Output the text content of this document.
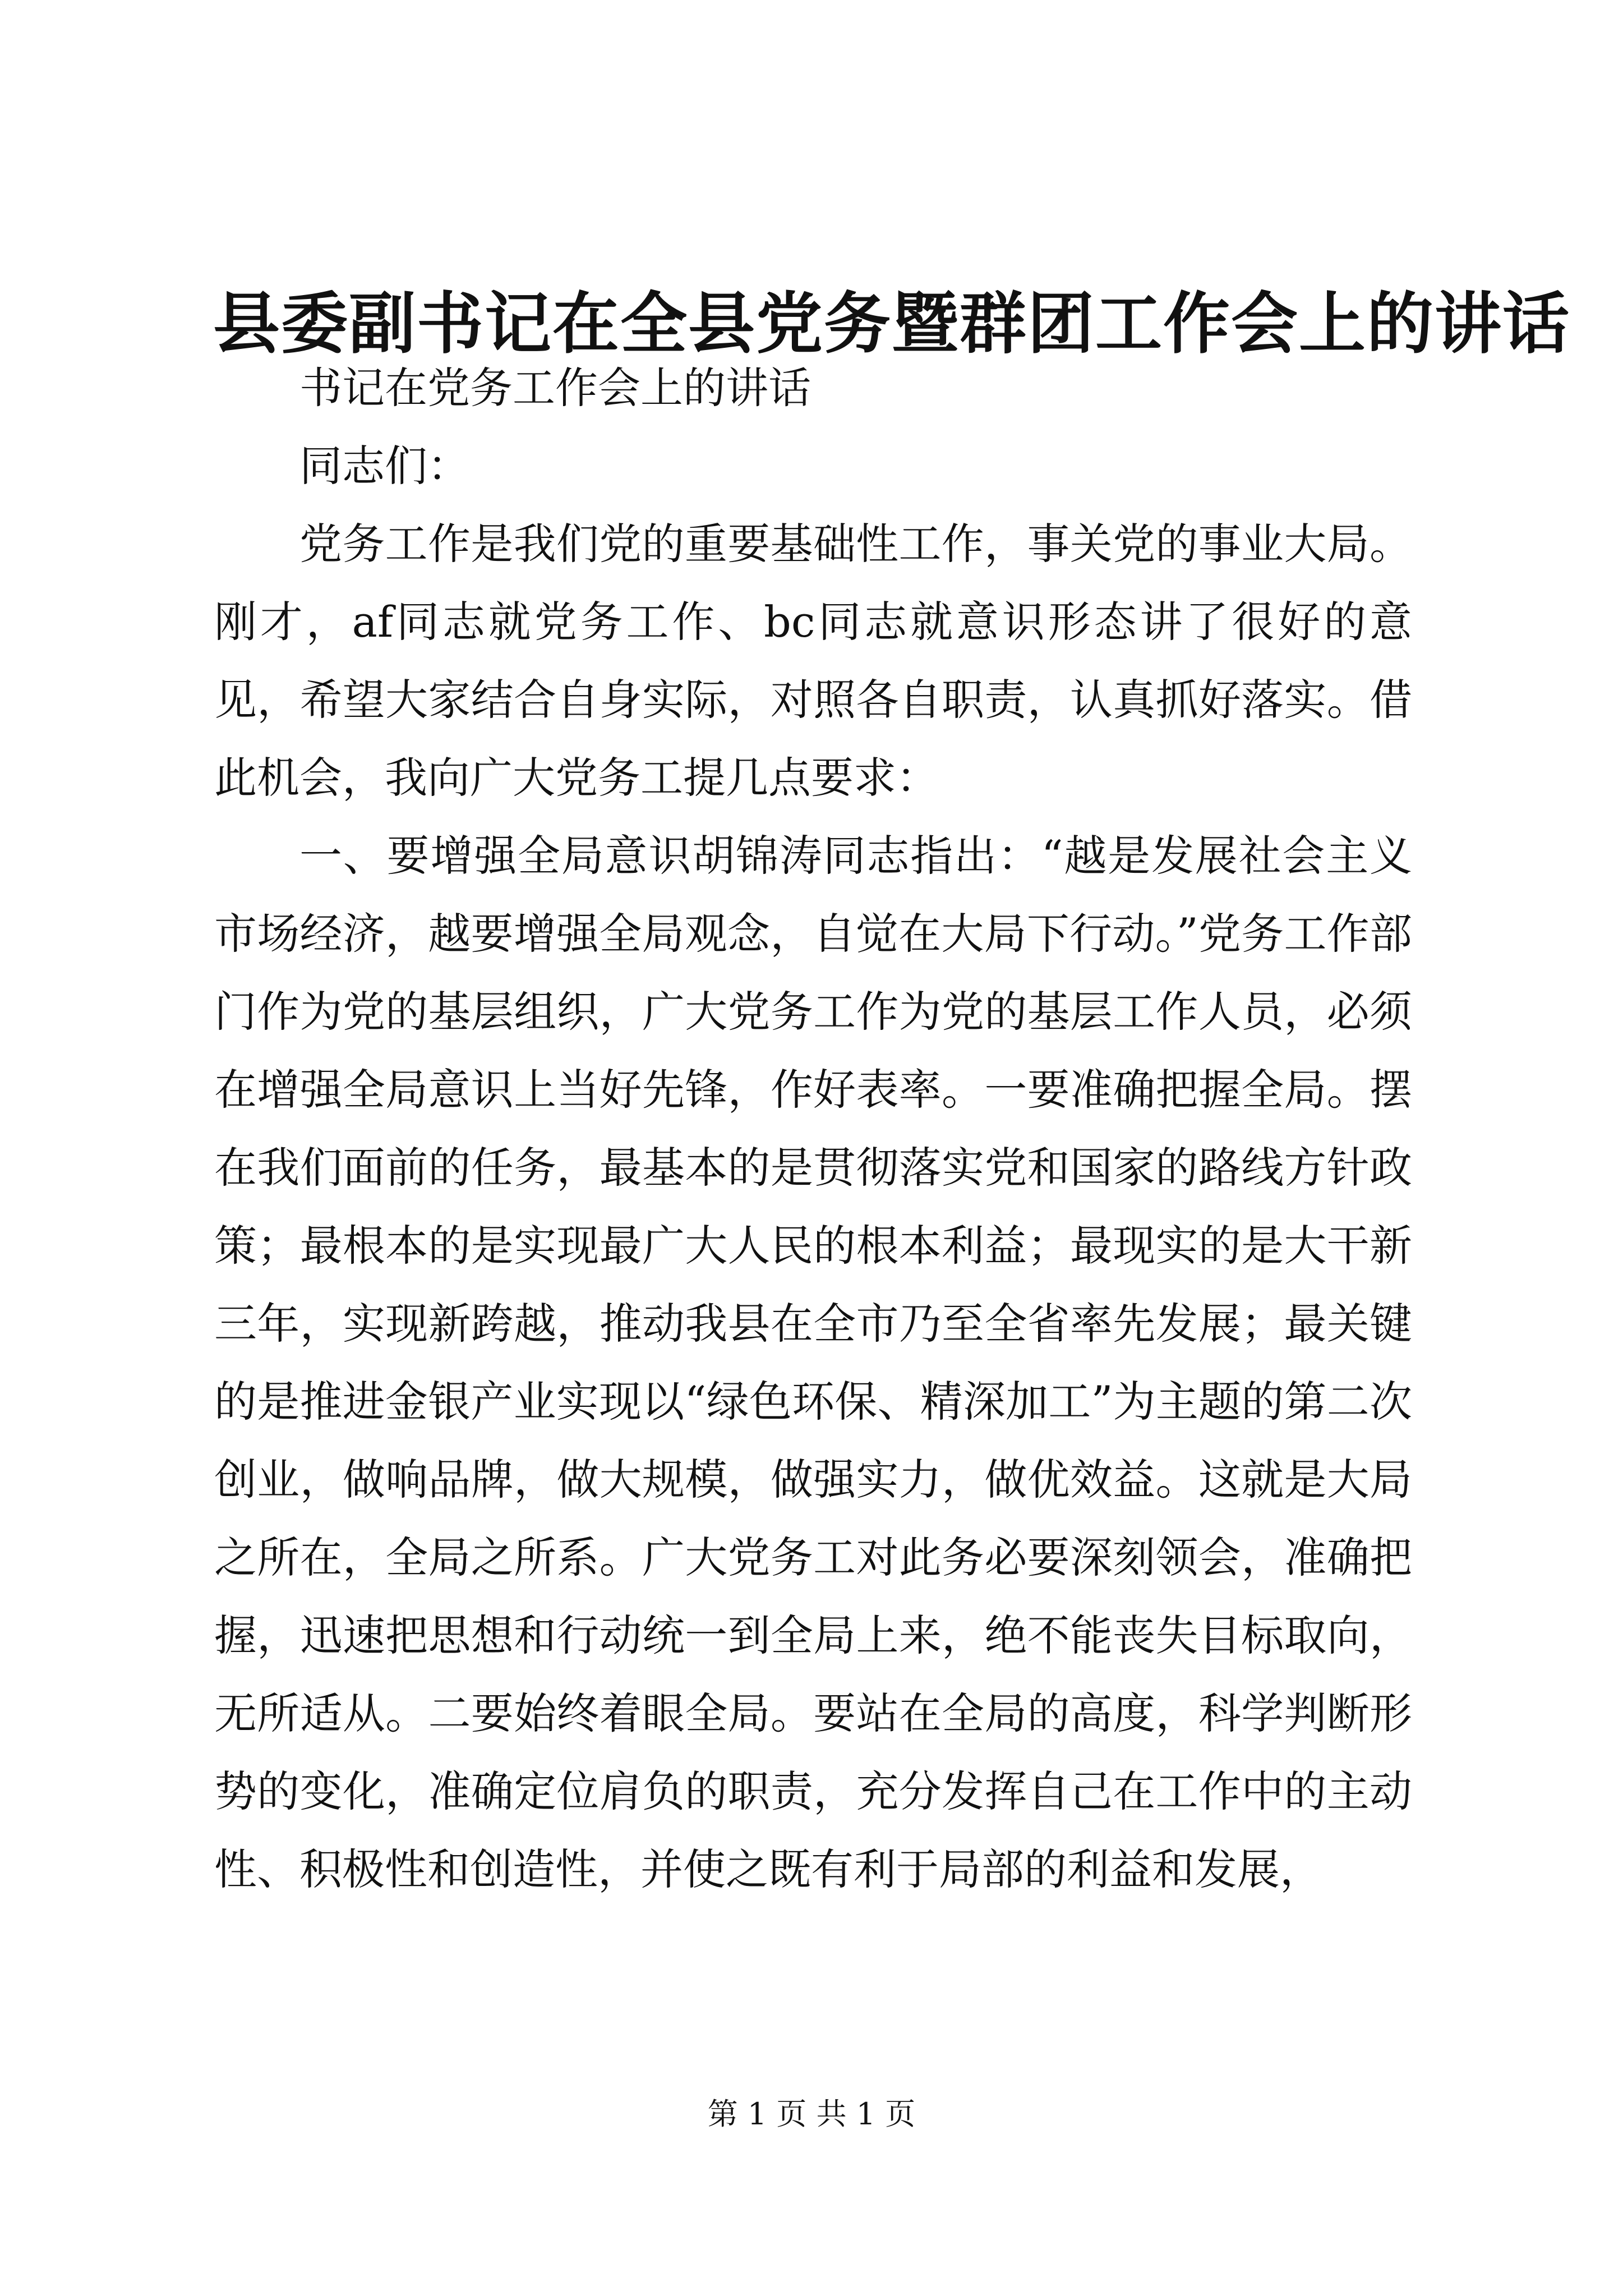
县委副书记在全县党务暨群团工作会上的讲话

书记在党务工作会上的讲话

同志们：

党务工作是我们党的重要基础性工作，事关党的事业大局。刚才，af同志就党务工作、bc同志就意识形态讲了很好的意见，希望大家结合自身实际，对照各自职责，认真抓好落实。借此机会，我向广大党务工提几点要求：

一、要增强全局意识胡锦涛同志指出：“越是发展社会主义市场经济，越要增强全局观念，自觉在大局下行动。”党务工作部门作为党的基层组织，广大党务工作为党的基层工作人员，必须在增强全局意识上当好先锋，作好表率。一要准确把握全局。摆在我们面前的任务，最基本的是贯彻落实党和国家的路线方针政策；最根本的是实现最广大人民的根本利益；最现实的是大干新三年，实现新跨越，推动我县在全市乃至全省率先发展；最关键的是推进金银产业实现以“绿色环保、精深加工”为主题的第二次创业，做响品牌，做大规模，做强实力，做优效益。这就是大局之所在，全局之所系。广大党务工对此务必要深刻领会，准确把握，迅速把思想和行动统一到全局上来，绝不能丧失目标取向，无所适从。二要始终着眼全局。要站在全局的高度，科学判断形势的变化，准确定位肩负的职责，充分发挥自己在工作中的主动性、积极性和创造性，并使之既有利于局部的利益和发展，

第 1 页 共 1 页
